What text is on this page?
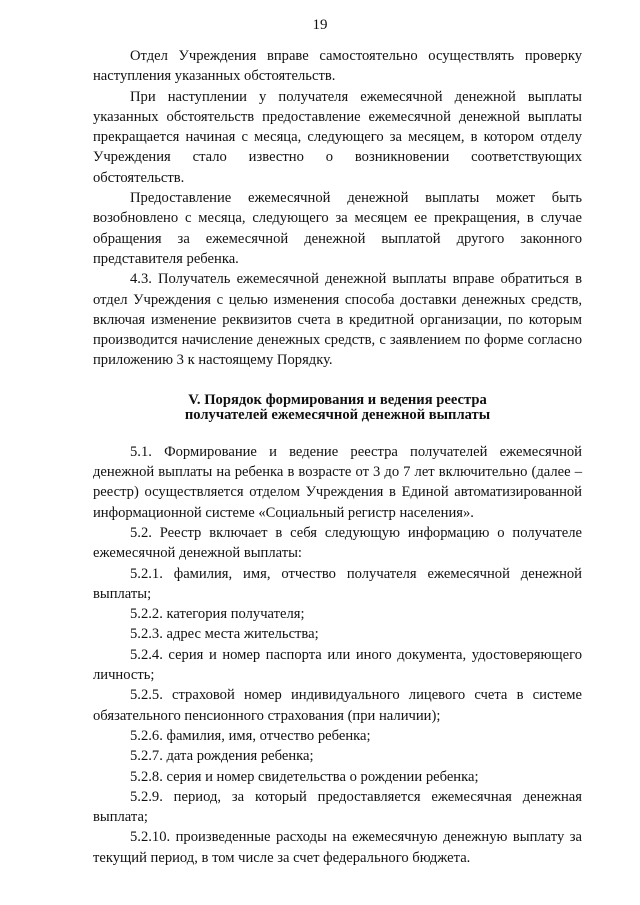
19

Отдел Учреждения вправе самостоятельно осуществлять проверку наступления указанных обстоятельств.

При наступлении у получателя ежемесячной денежной выплаты указанных обстоятельств предоставление ежемесячной денежной выплаты прекращается начиная с месяца, следующего за месяцем, в котором отделу Учреждения стало известно о возникновении соответствующих обстоятельств.

Предоставление ежемесячной денежной выплаты может быть возобновлено с месяца, следующего за месяцем ее прекращения, в случае обращения за ежемесячной денежной выплатой другого законного представителя ребенка.

4.3. Получатель ежемесячной денежной выплаты вправе обратиться в отдел Учреждения с целью изменения способа доставки денежных средств, включая изменение реквизитов счета в кредитной организации, по которым производится начисление денежных средств, с заявлением по форме согласно приложению 3 к настоящему Порядку.

V. Порядок формирования и ведения реестра
получателей ежемесячной денежной выплаты

5.1. Формирование и ведение реестра получателей ежемесячной денежной выплаты на ребенка в возрасте от 3 до 7 лет включительно (далее – реестр) осуществляется отделом Учреждения в Единой автоматизированной информационной системе «Социальный регистр населения».

5.2. Реестр включает в себя следующую информацию о получателе ежемесячной денежной выплаты:

5.2.1. фамилия, имя, отчество получателя ежемесячной денежной выплаты;

5.2.2. категория получателя;

5.2.3. адрес места жительства;

5.2.4. серия и номер паспорта или иного документа, удостоверяющего личность;

5.2.5. страховой номер индивидуального лицевого счета в системе обязательного пенсионного страхования (при наличии);

5.2.6. фамилия, имя, отчество ребенка;

5.2.7. дата рождения ребенка;

5.2.8. серия и номер свидетельства о рождении ребенка;

5.2.9. период, за который предоставляется ежемесячная денежная выплата;

5.2.10. произведенные расходы на ежемесячную денежную выплату за текущий период, в том числе за счет федерального бюджета.
